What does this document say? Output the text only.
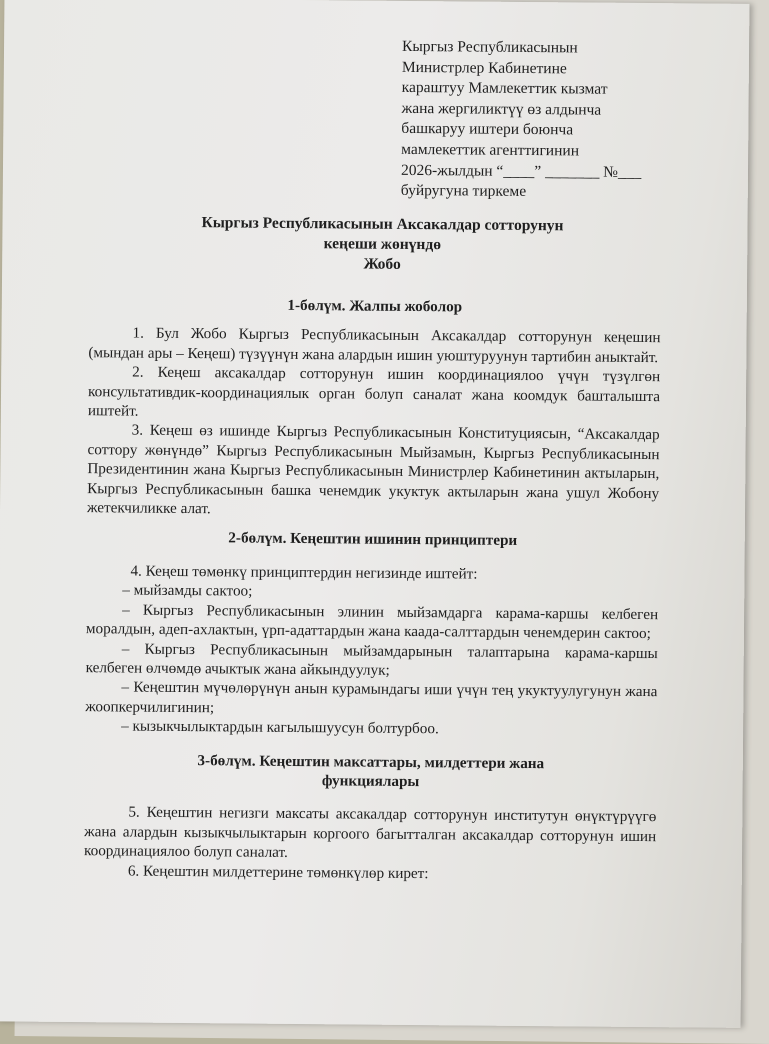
Кыргыз Республикасынын
Министрлер Кабинетине
караштуу Мамлекеттик кызмат
жана жергиликтүү өз алдынча
башкаруу иштери боюнча
мамлекеттик агенттигинин
2026-жылдын “____” _______ №___
буйругуна тиркеме
Кыргыз Республикасынын Аксакалдар сотторунун
кеңеши жөнүндө
Жобо

1-бөлүм. Жалпы жоболор

1. Бул Жобо Кыргыз Республикасынын Аксакалдар сотторунун кеңешин (мындан ары – Кеңеш) түзүүнүн жана алардын ишин уюштуруунун тартибин аныктайт.

2. Кеңеш аксакалдар сотторунун ишин координациялоо үчүн түзүлгөн консультативдик-координациялык орган болуп саналат жана коомдук башталышта иштейт.

3. Кеңеш өз ишинде Кыргыз Республикасынын Конституциясын, “Аксакалдар соттору жөнүндө” Кыргыз Республикасынын Мыйзамын, Кыргыз Республикасынын Президентинин жана Кыргыз Республикасынын Министрлер Кабинетинин актыларын, Кыргыз Республикасынын башка ченемдик укуктук актыларын жана ушул Жобону жетекчиликке алат.

2-бөлүм. Кеңештин ишинин принциптери

4. Кеңеш төмөнкү принциптердин негизинде иштейт:

– мыйзамды сактоо;

– Кыргыз Республикасынын элинин мыйзамдарга карама-каршы келбеген моралдын, адеп-ахлактын, үрп-адаттардын жана каада-салттардын ченемдерин сактоо;

– Кыргыз Республикасынын мыйзамдарынын талаптарына карама-каршы келбеген өлчөмдө ачыктык жана айкындуулук;

– Кеңештин мүчөлөрүнүн анын курамындагы иши үчүн тең укуктуулугунун жана жоопкерчилигинин;

– кызыкчылыктардын кагылышуусун болтурбоо.

3-бөлүм. Кеңештин максаттары, милдеттери жана
функциялары

5. Кеңештин негизги максаты аксакалдар сотторунун институтун өнүктүрүүгө жана алардын кызыкчылыктарын коргоого багытталган аксакалдар сотторунун ишин координациялоо болуп саналат.

6. Кеңештин милдеттерине төмөнкүлөр кирет:
